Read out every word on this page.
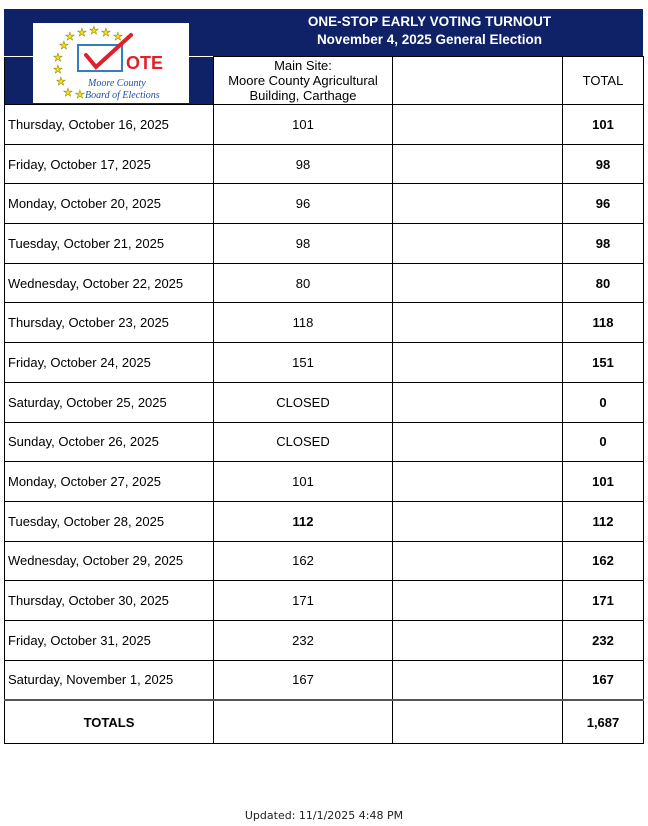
ONE-STOP EARLY VOTING TURNOUT
November 4, 2025 General Election

	Main Site:
Moore County Agricultural
Building, Carthage		TOTAL
Thursday, October 16, 2025	101		101
Friday, October 17, 2025	98		98
Monday, October 20, 2025	96		96
Tuesday, October 21, 2025	98		98
Wednesday, October 22, 2025	80		80
Thursday, October 23, 2025	118		118
Friday, October 24, 2025	151		151
Saturday, October 25, 2025	CLOSED		0
Sunday, October 26, 2025	CLOSED		0
Monday, October 27, 2025	101		101
Tuesday, October 28, 2025	112		112
Wednesday, October 29, 2025	162		162
Thursday, October 30, 2025	171		171
Friday, October 31, 2025	232		232
Saturday, November 1, 2025	167		167
TOTALS			1,687
★ ★ ★ ★ ★
★
★
★
★
★ ★
OTE
Moore County
Board of Elections
Updated: 11/1/2025 4:48 PM
